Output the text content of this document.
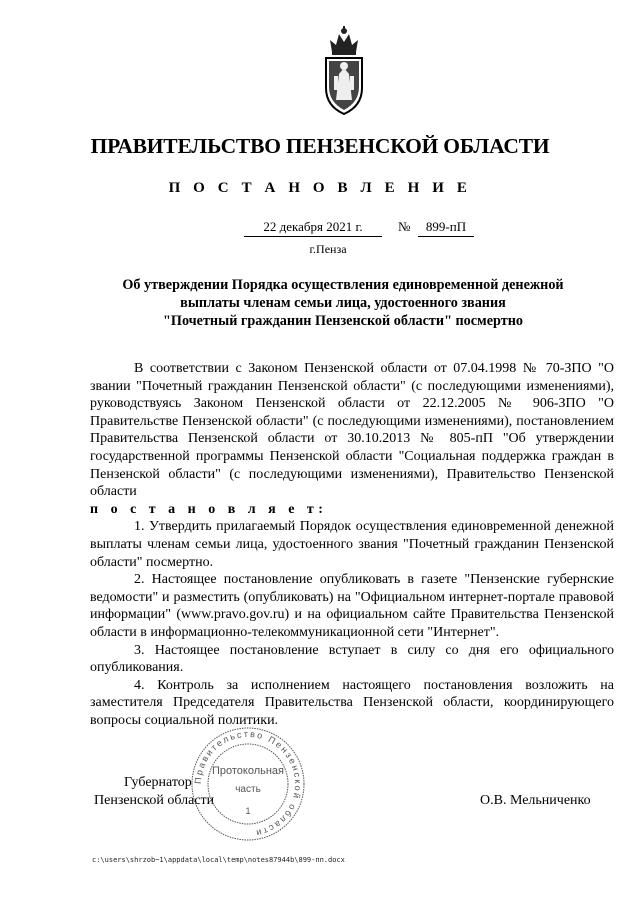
ПРАВИТЕЛЬСТВО ПЕНЗЕНСКОЙ ОБЛАСТИ
П О С Т А Н О В Л Е Н И Е
22 декабря 2021 г.	№	899-пП
г.Пенза
Об утверждении Порядка осуществления единовременной денежной
выплаты членам семьи лица, удостоенного звания
"Почетный гражданин Пензенской области" посмертно

В соответствии с Законом Пензенской области от 07.04.1998 № 70-ЗПО "О звании "Почетный гражданин Пензенской области" (с последующими изменениями), руководствуясь Законом Пензенской области от 22.12.2005 № 906-ЗПО "О Правительстве Пензенской области" (с последующими изменениями), постановлением Правительства Пензенской области от 30.10.2013 № 805-пП "Об утверждении государственной программы Пензенской области "Социальная поддержка граждан в Пензенской области" (с последующими изменениями), Правительство Пензенской области

п о с т а н о в л я е т:

1. Утвердить прилагаемый Порядок осуществления единовременной денежной выплаты членам семьи лица, удостоенного звания "Почетный гражданин Пензенской области" посмертно.

2. Настоящее постановление опубликовать в газете "Пензенские губернские ведомости" и разместить (опубликовать) на "Официальном интернет-портале правовой информации" (www.pravo.gov.ru) и на официальном сайте Правительства Пензенской области в информационно-телекоммуникационной сети "Интернет".

3. Настоящее постановление вступает в силу со дня его официального опубликования.

4. Контроль за исполнением настоящего постановления возложить на заместителя Председателя Правительства Пензенской области, координирующего вопросы социальной политики.

Губернатор
Пензенской области	О.В. Мельниченко
Правительство Пензенской области
Протокольная
часть
1
c:\users\shrzob~1\appdata\local\temp\notes87944b\899-пп.docx
